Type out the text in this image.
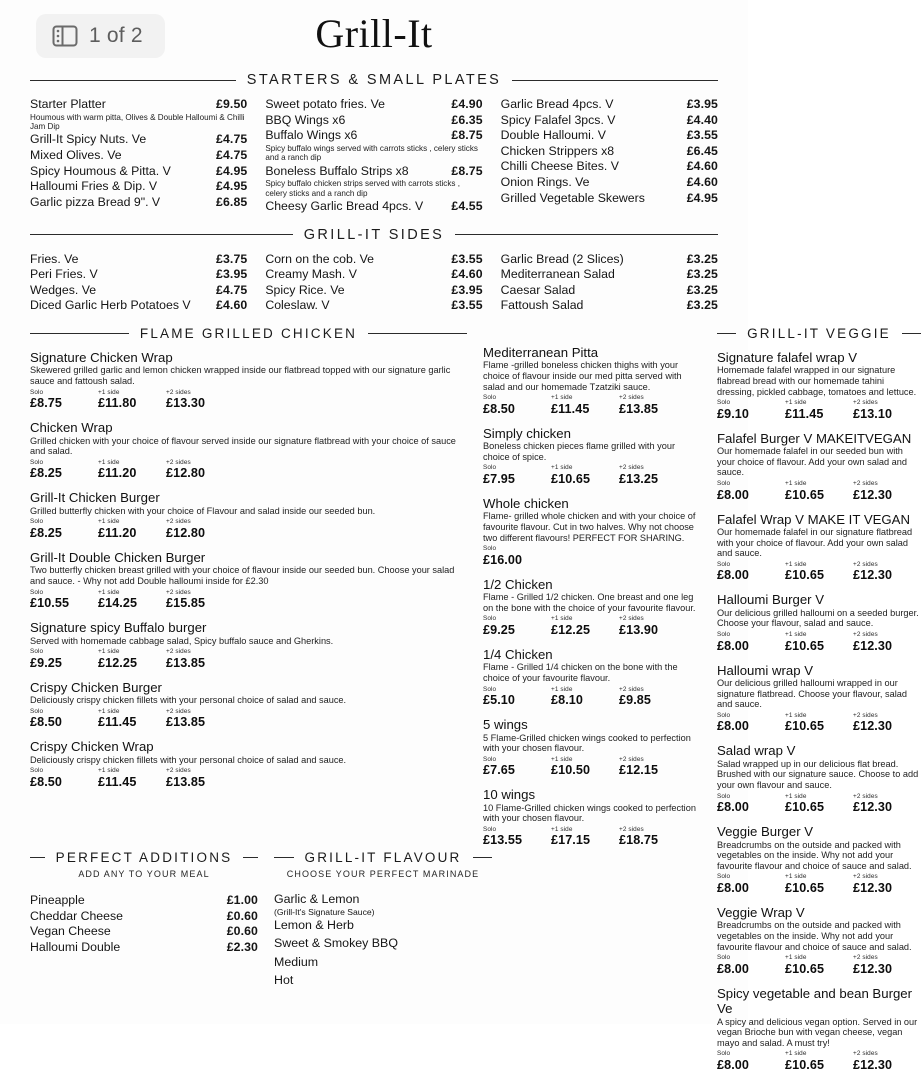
1 of 2	Grill-It
STARTERS & SMALL PLATES
Starter Platter	£9.50
Houmous with warm pitta, Olives & Double Halloumi & Chilli Jam Dip
Grill-It Spicy Nuts. Ve	£4.75
Mixed Olives. Ve	£4.75
Spicy Houmous & Pitta. V	£4.95
Halloumi Fries & Dip. V	£4.95
Garlic pizza Bread 9". V	£6.85
Sweet potato fries. Ve	£4.90
BBQ Wings x6	£6.35
Buffalo Wings x6	£8.75
Spicy buffalo wings served with carrots sticks , celery sticks and a ranch dip
Boneless Buffalo Strips x8	£8.75
Spicy buffalo chicken strips served with carrots sticks , celery sticks and a ranch dip
Cheesy Garlic Bread 4pcs. V	£4.55
Garlic Bread 4pcs. V	£3.95
Spicy Falafel 3pcs. V	£4.40
Double Halloumi. V	£3.55
Chicken Strippers x8	£6.45
Chilli Cheese Bites. V	£4.60
Onion Rings. Ve	£4.60
Grilled Vegetable Skewers	£4.95
GRILL-IT SIDES
Fries. Ve	£3.75
Peri Fries. V	£3.95
Wedges. Ve	£4.75
Diced Garlic Herb Potatoes V	£4.60
Corn on the cob. Ve	£3.55
Creamy Mash. V	£4.60
Spicy Rice. Ve	£3.95
Coleslaw. V	£3.55
Garlic Bread (2 Slices)	£3.25
Mediterranean Salad	£3.25
Caesar Salad	£3.25
Fattoush Salad	£3.25
FLAME GRILLED CHICKEN
Signature Chicken Wrap
Skewered grilled garlic and lemon chicken wrapped inside our flatbread topped with our signature garlic sauce and fattoush salad.
Solo
£8.75
+1 side
£11.80
+2 sides
£13.30
Chicken Wrap
Grilled chicken with your choice of flavour served inside our signature flatbread with your choice of sauce and salad.
Solo
£8.25
+1 side
£11.20
+2 sides
£12.80
Grill-It Chicken Burger
Grilled butterfly chicken with your choice of Flavour and salad inside our seeded bun.
Solo
£8.25
+1 side
£11.20
+2 sides
£12.80
Grill-It Double Chicken Burger
Two butterfly chicken breast grilled with your choice of flavour inside our seeded bun. Choose your salad and sauce. - Why not add Double halloumi inside for £2.30
Solo
£10.55
+1 side
£14.25
+2 sides
£15.85
Signature spicy Buffalo burger
Served with homemade cabbage salad, Spicy buffalo sauce and Gherkins.
Solo
£9.25
+1 side
£12.25
+2 sides
£13.85
Crispy Chicken Burger
Deliciously crispy chicken fillets with your personal choice of salad and sauce.
Solo
£8.50
+1 side
£11.45
+2 sides
£13.85
Crispy Chicken Wrap
Deliciously crispy chicken fillets with your personal choice of salad and sauce.
Solo
£8.50
+1 side
£11.45
+2 sides
£13.85
Mediterranean Pitta
Flame -grilled boneless chicken thighs with your choice of flavour inside our med pitta served with salad and our homemade Tzatziki sauce.
Solo
£8.50
+1 side
£11.45
+2 sides
£13.85
Simply chicken
Boneless chicken pieces flame grilled with your choice of spice.
Solo
£7.95
+1 side
£10.65
+2 sides
£13.25
Whole chicken
Flame- grilled whole chicken and with your choice of favourite flavour. Cut in two halves. Why not choose two different flavours! PERFECT FOR SHARING.
Solo
£16.00
1/2 Chicken
Flame - Grilled 1/2 chicken. One breast and one leg on the bone with the choice of your favourite flavour.
Solo
£9.25
+1 side
£12.25
+2 sides
£13.90
1/4 Chicken
Flame - Grilled 1/4 chicken on the bone with the choice of your favourite flavour.
Solo
£5.10
+1 side
£8.10
+2 sides
£9.85
5 wings
5 Flame-Grilled chicken wings cooked to perfection with your chosen flavour.
Solo
£7.65
+1 side
£10.50
+2 sides
£12.15
10 wings
10 Flame-Grilled chicken wings cooked to perfection with your chosen flavour.
Solo
£13.55
+1 side
£17.15
+2 sides
£18.75
GRILL-IT VEGGIE
Signature falafel wrap V
Homemade falafel wrapped in our signature flabread bread with our homemade tahini dressing, pickled cabbage, tomatoes and lettuce.
Solo
£9.10
+1 side
£11.45
+2 sides
£13.10
Falafel Burger V MAKEITVEGAN
Our homemade falafel in our seeded bun with your choice of flavour. Add your own salad and sauce.
Solo
£8.00
+1 side
£10.65
+2 sides
£12.30
Falafel Wrap V MAKE IT VEGAN
Our homemade falafel in our signature flatbread with your choice of flavour. Add your own salad and sauce.
Solo
£8.00
+1 side
£10.65
+2 sides
£12.30
Halloumi Burger V
Our delicious grilled halloumi on a seeded burger. Choose your flavour, salad and sauce.
Solo
£8.00
+1 side
£10.65
+2 sides
£12.30
Halloumi wrap V
Our delicious grilled halloumi wrapped in our signature flatbread. Choose your flavour, salad and sauce.
Solo
£8.00
+1 side
£10.65
+2 sides
£12.30
Salad wrap V
Salad wrapped up in our delicious flat bread. Brushed with our signature sauce. Choose to add your own flavour and sauce.
Solo
£8.00
+1 side
£10.65
+2 sides
£12.30
Veggie Burger V
Breadcrumbs on the outside and packed with vegetables on the inside. Why not add your favourite flavour and choice of sauce and salad.
Solo
£8.00
+1 side
£10.65
+2 sides
£12.30
Veggie Wrap V
Breadcrumbs on the outside and packed with vegetables on the inside. Why not add your favourite flavour and choice of sauce and salad.
Solo
£8.00
+1 side
£10.65
+2 sides
£12.30
Spicy vegetable and bean Burger Ve
A spicy and delicious vegan option. Served in our vegan Brioche bun with vegan cheese, vegan mayo and salad. A must try!
Solo
£8.00
+1 side
£10.65
+2 sides
£12.30
PERFECT ADDITIONS
ADD ANY TO YOUR MEAL
Pineapple	£1.00
Cheddar Cheese	£0.60
Vegan Cheese	£0.60
Halloumi Double	£2.30
GRILL-IT FLAVOUR
CHOOSE YOUR PERFECT MARINADE
Garlic & Lemon
(Grill-It's Signature Sauce)
Lemon & Herb
Sweet & Smokey BBQ
Medium
Hot
